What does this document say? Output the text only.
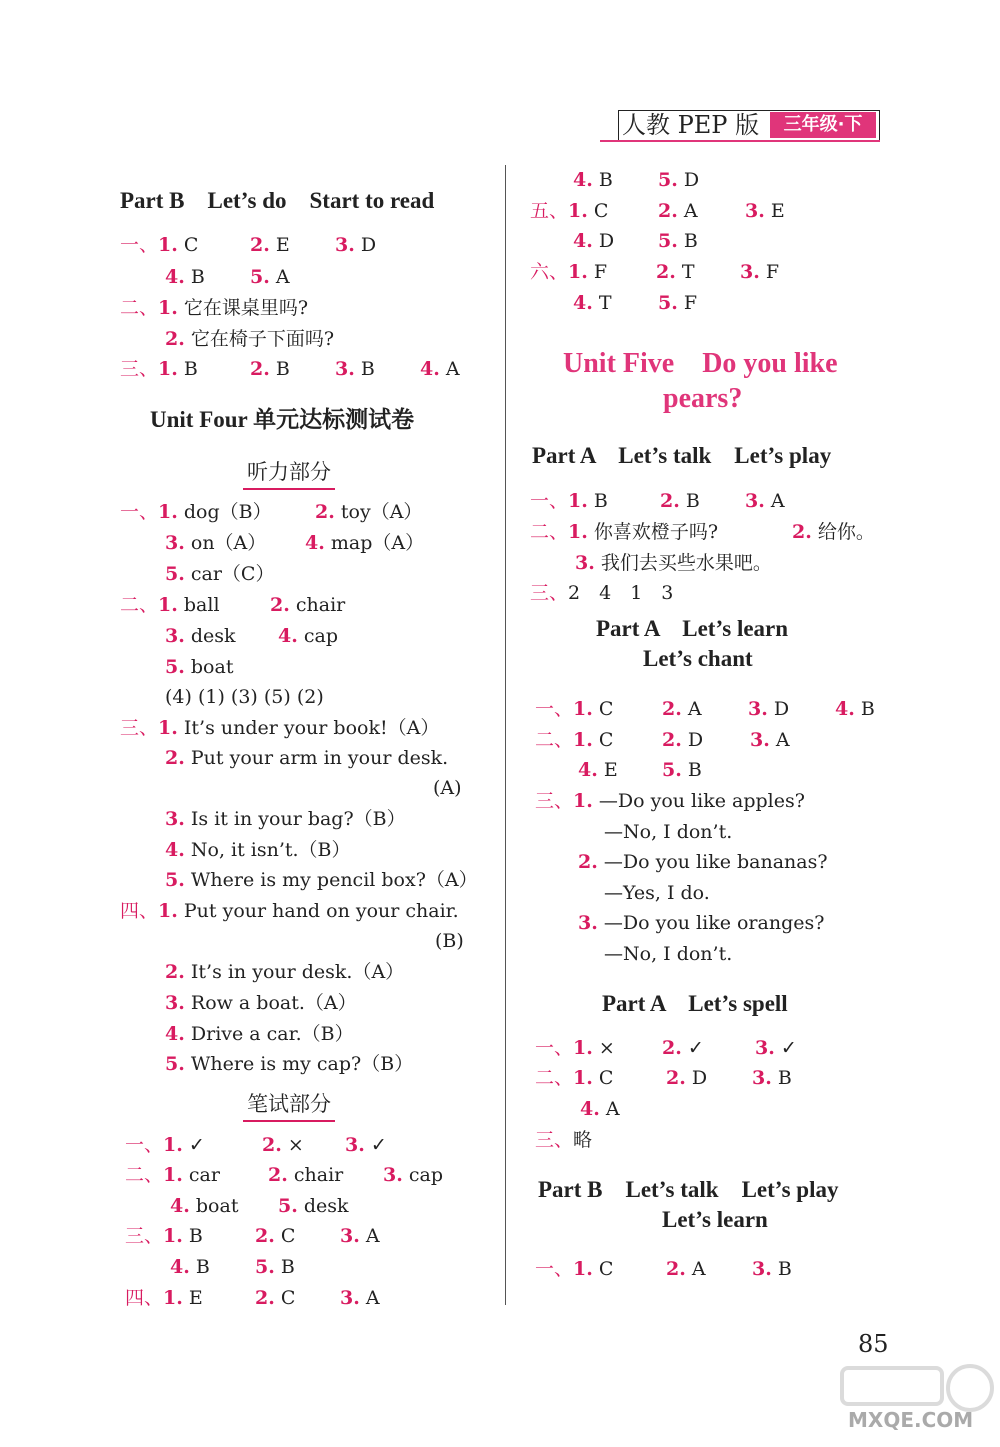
人教 PEP 版	三年级·下
Part B　Let’s do　Start to read
一、1. C	2. E 3. D
4. B 5. A
二、1. 它在课桌里吗?
2. 它在椅子下面吗?
三、1. B	2. B 3. B 4. A
Unit Four 单元达标测试卷
听力部分
一、1. dog（B） 2. toy（A）
3. on（A） 4. map（A）
5. car（C）
二、1. ball	2. chair
3. desk 4. cap
5. boat
(4) (1) (3) (5) (2)
三、1. It’s under your book!（A）
2. Put your arm in your desk.
(A)
3. Is it in your bag?（B）
4. No, it isn’t.（B）
5. Where is my pencil box?（A）
四、1. Put your hand on your chair.
(B)
2. It’s in your desk.（A）
3. Row a boat.（A）
4. Drive a car.（B）
5. Where is my cap?（B）
笔试部分
一、1. ✓	2. × 3. ✓
二、1. car	2. chair 3. cap
4. boat 5. desk
三、1. B	2. C 3. A
4. B 5. B
四、1. E	2. C 3. A
4. B 5. D
五、1. C	2. A 3. E
4. D 5. B
六、1. F	2. T 3. F
4. T 5. F
Unit Five　Do you like
pears?
Part A　Let’s talk　Let’s play
一、1. B	2. B 3. A
二、1. 你喜欢橙子吗?	2. 给你。
3. 我们去买些水果吧。
三、2　4　1　3
Part A　Let’s learn
Let’s chant
一、1. C	2. A 3. D 4. B
二、1. C	2. D 3. A
4. E 5. B
三、1. —Do you like apples?
—No, I don’t.
2. —Do you like bananas?
—Yes, I do.
3. —Do you like oranges?
—No, I don’t.
Part A　Let’s spell
一、1. × 2. ✓	3. ✓
二、1. C	2. D 3. B
4. A
三、略
Part B　Let’s talk　Let’s play
Let’s learn
一、1. C	2. A 3. B
85
MXQE.COM
